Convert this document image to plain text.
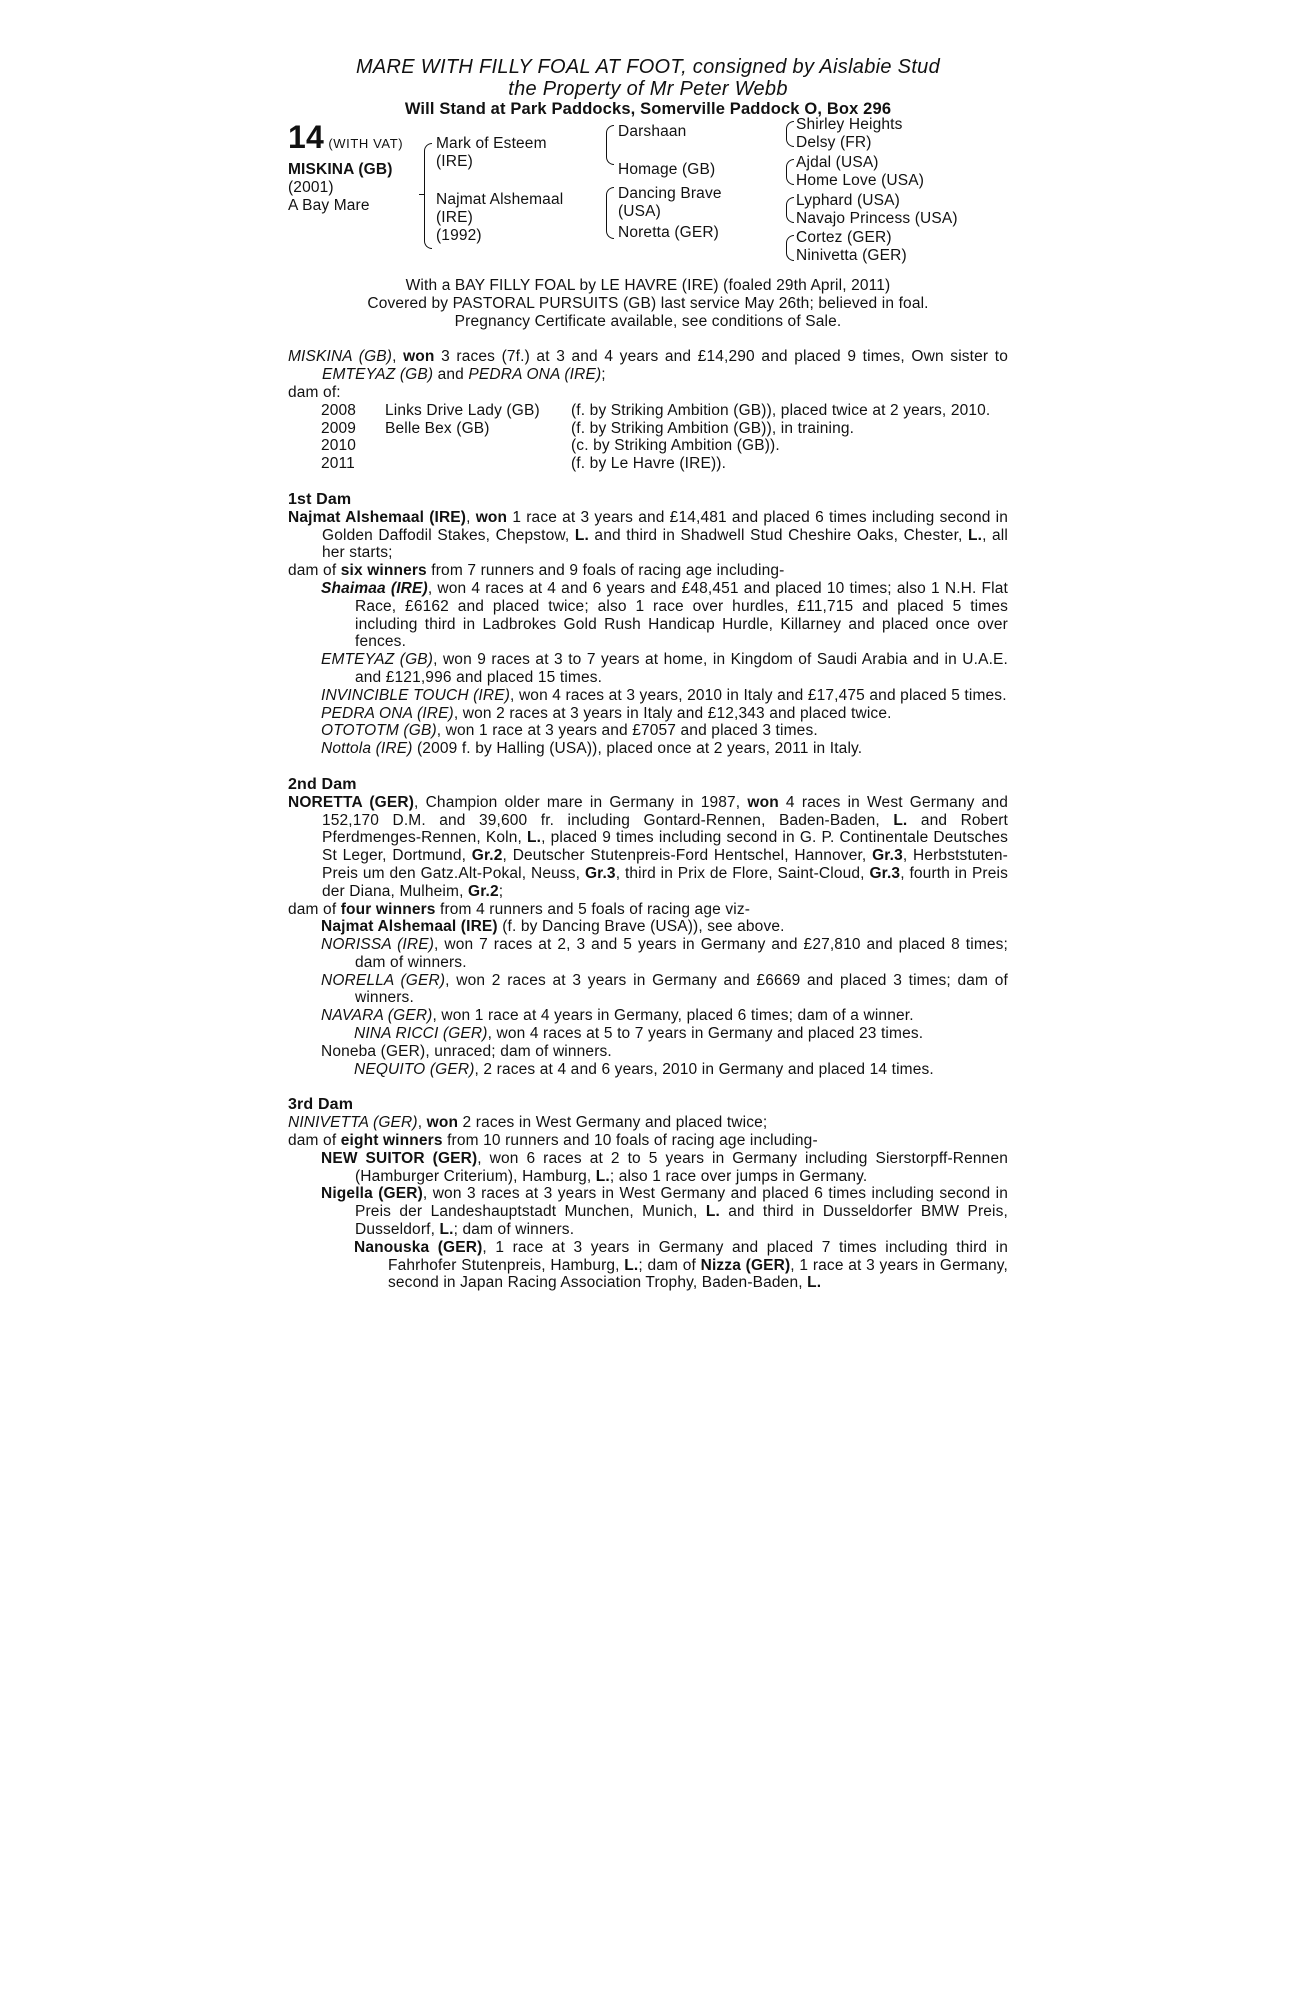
MARE WITH FILLY FOAL AT FOOT, consigned by Aislabie Stud
the Property of Mr Peter Webb
Will Stand at Park Paddocks, Somerville Paddock O, Box 296
14 (WITH VAT)
MISKINA (GB)
(2001)
A Bay Mare
Mark of Esteem
(IRE)
Najmat Alshemaal
(IRE)
(1992)
Darshaan
Homage (GB)
Dancing Brave
(USA)
Noretta (GER)
Shirley Heights
Delsy (FR)
Ajdal (USA)
Home Love (USA)
Lyphard (USA)
Navajo Princess (USA)
Cortez (GER)
Ninivetta (GER)
With a BAY FILLY FOAL by LE HAVRE (IRE) (foaled 29th April, 2011)
Covered by PASTORAL PURSUITS (GB) last service May 26th; believed in foal.
Pregnancy Certificate available, see conditions of Sale.
MISKINA (GB), won 3 races (7f.) at 3 and 4 years and £14,290 and placed 9 times, Own sister to EMTEYAZ (GB) and PEDRA ONA (IRE);
dam of:
2008	Links Drive Lady (GB)	(f. by Striking Ambition (GB)), placed twice at 2 years, 2010.
2009	Belle Bex (GB)	(f. by Striking Ambition (GB)), in training.
2010		(c. by Striking Ambition (GB)).
2011		(f. by Le Havre (IRE)).
1st Dam
Najmat Alshemaal (IRE), won 1 race at 3 years and £14,481 and placed 6 times including second in Golden Daffodil Stakes, Chepstow, L. and third in Shadwell Stud Cheshire Oaks, Chester, L., all her starts;
dam of six winners from 7 runners and 9 foals of racing age including-
Shaimaa (IRE), won 4 races at 4 and 6 years and £48,451 and placed 10 times; also 1 N.H. Flat Race, £6162 and placed twice; also 1 race over hurdles, £11,715 and placed 5 times including third in Ladbrokes Gold Rush Handicap Hurdle, Killarney and placed once over fences.
EMTEYAZ (GB), won 9 races at 3 to 7 years at home, in Kingdom of Saudi Arabia and in U.A.E. and £121,996 and placed 15 times.
INVINCIBLE TOUCH (IRE), won 4 races at 3 years, 2010 in Italy and £17,475 and placed 5 times.
PEDRA ONA (IRE), won 2 races at 3 years in Italy and £12,343 and placed twice.
OTOTOTM (GB), won 1 race at 3 years and £7057 and placed 3 times.
Nottola (IRE) (2009 f. by Halling (USA)), placed once at 2 years, 2011 in Italy.
2nd Dam
NORETTA (GER), Champion older mare in Germany in 1987, won 4 races in West Germany and 152,170 D.M. and 39,600 fr. including Gontard-Rennen, Baden-Baden, L. and Robert Pferdmenges-Rennen, Koln, L., placed 9 times including second in G. P. Continentale Deutsches St Leger, Dortmund, Gr.2, Deutscher Stutenpreis-Ford Hentschel, Hannover, Gr.3, Herbststuten-Preis um den Gatz.Alt-Pokal, Neuss, Gr.3, third in Prix de Flore, Saint-Cloud, Gr.3, fourth in Preis der Diana, Mulheim, Gr.2;
dam of four winners from 4 runners and 5 foals of racing age viz-
Najmat Alshemaal (IRE) (f. by Dancing Brave (USA)), see above.
NORISSA (IRE), won 7 races at 2, 3 and 5 years in Germany and £27,810 and placed 8 times; dam of winners.
NORELLA (GER), won 2 races at 3 years in Germany and £6669 and placed 3 times; dam of winners.
NAVARA (GER), won 1 race at 4 years in Germany, placed 6 times; dam of a winner.
NINA RICCI (GER), won 4 races at 5 to 7 years in Germany and placed 23 times.
Noneba (GER), unraced; dam of winners.
NEQUITO (GER), 2 races at 4 and 6 years, 2010 in Germany and placed 14 times.
3rd Dam
NINIVETTA (GER), won 2 races in West Germany and placed twice;
dam of eight winners from 10 runners and 10 foals of racing age including-
NEW SUITOR (GER), won 6 races at 2 to 5 years in Germany including Sierstorpff-Rennen (Hamburger Criterium), Hamburg, L.; also 1 race over jumps in Germany.
Nigella (GER), won 3 races at 3 years in West Germany and placed 6 times including second in Preis der Landeshauptstadt Munchen, Munich, L. and third in Dusseldorfer BMW Preis, Dusseldorf, L.; dam of winners.
Nanouska (GER), 1 race at 3 years in Germany and placed 7 times including third in Fahrhofer Stutenpreis, Hamburg, L.; dam of Nizza (GER), 1 race at 3 years in Germany, second in Japan Racing Association Trophy, Baden-Baden, L.
